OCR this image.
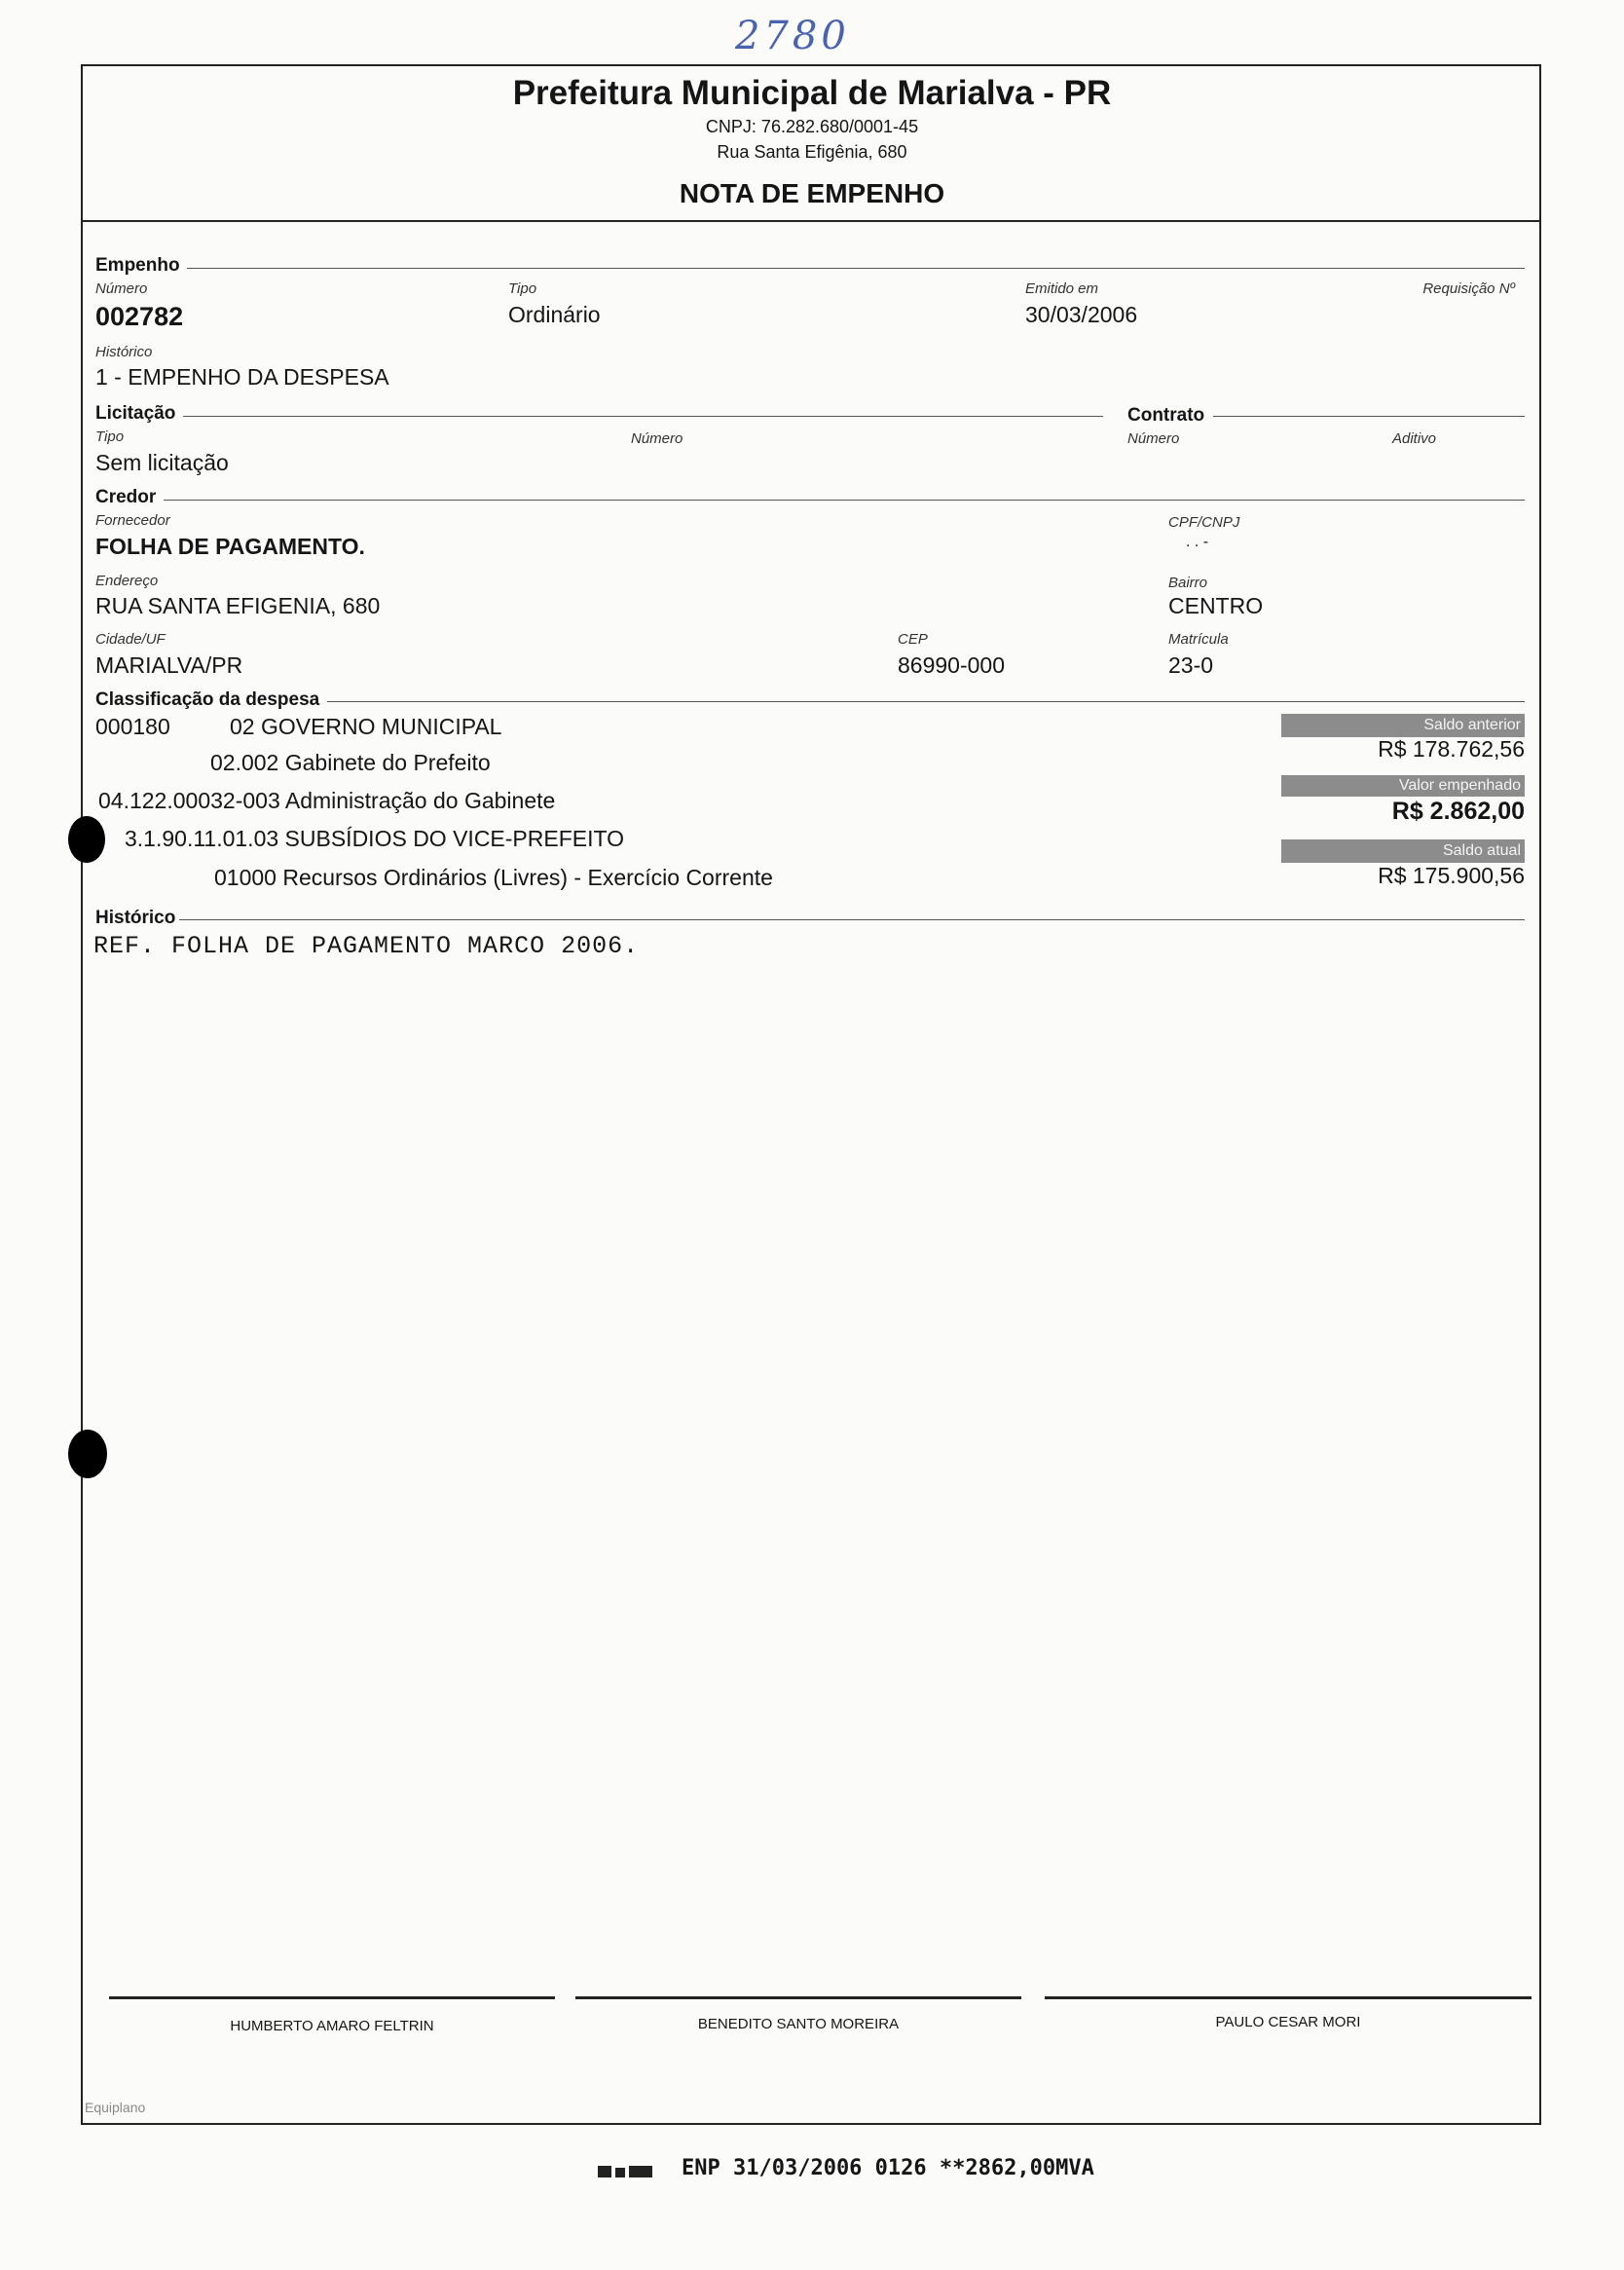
2780
Prefeitura Municipal de Marialva - PR
CNPJ: 76.282.680/0001-45
Rua Santa Efigênia, 680
NOTA DE EMPENHO
Empenho
Número
002782
Tipo
Ordinário
Emitido em
30/03/2006
Requisição Nº
Histórico
1 - EMPENHO DA DESPESA
Licitação	Contrato
Tipo
Sem licitação
Número	Número	Aditivo
Credor
Fornecedor
FOLHA DE PAGAMENTO.
CPF/CNPJ
. . -
Endereço
RUA SANTA EFIGENIA, 680
Bairro
CENTRO
Cidade/UF
MARIALVA/PR
CEP
86990-000
Matrícula
23-0
Classificação da despesa
000180	02 GOVERNO MUNICIPAL
02.002 Gabinete do Prefeito
04.122.00032-003 Administração do Gabinete
3.1.90.11.01.03 SUBSÍDIOS DO VICE-PREFEITO
01000 Recursos Ordinários (Livres) - Exercício Corrente
Saldo anterior
R$ 178.762,56
Valor empenhado
R$ 2.862,00
Saldo atual
R$ 175.900,56
Histórico
REF. FOLHA DE PAGAMENTO MARCO 2006.
HUMBERTO AMARO FELTRIN	BENEDITO SANTO MOREIRA	PAULO CESAR MORI
Equiplano
ENP 31/03/2006 0126 **2862,00MVA
